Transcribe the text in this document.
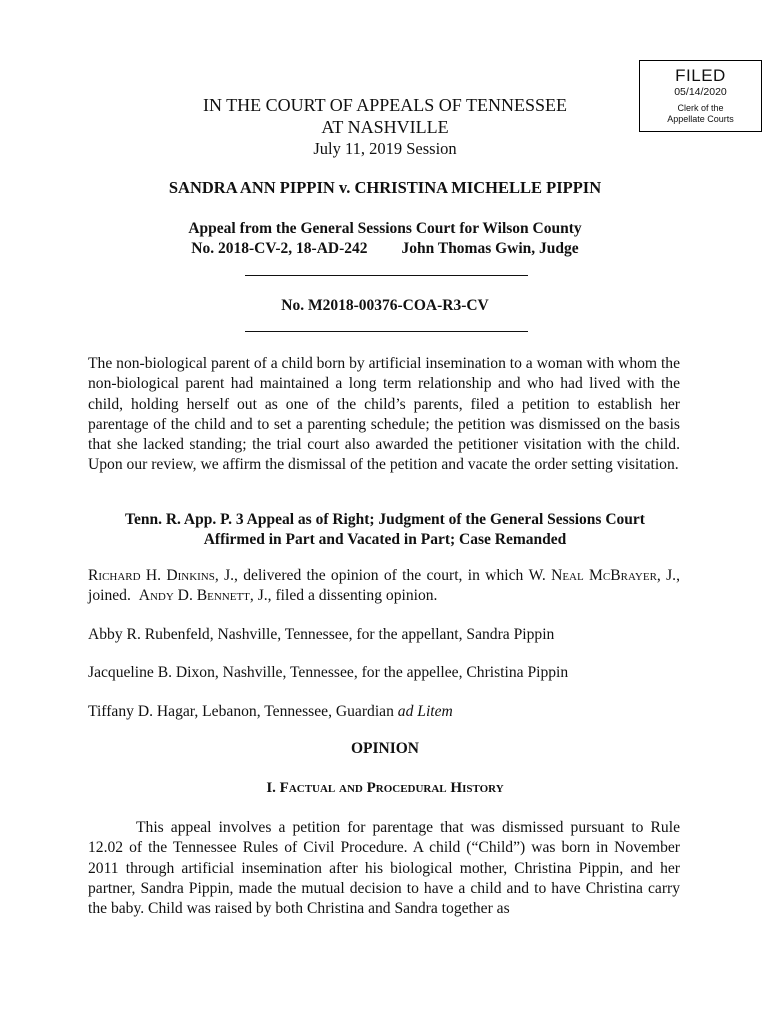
FILED
05/14/2020
Clerk of the
Appellate Courts
IN THE COURT OF APPEALS OF TENNESSEE
AT NASHVILLE
July 11, 2019 Session
SANDRA ANN PIPPIN v. CHRISTINA MICHELLE PIPPIN
Appeal from the General Sessions Court for Wilson County
No. 2018-CV-2, 18-AD-242 John Thomas Gwin, Judge
No. M2018-00376-COA-R3-CV
The non-biological parent of a child born by artificial insemination to a woman with whom the non-biological parent had maintained a long term relationship and who had lived with the child, holding herself out as one of the child’s parents, filed a petition to establish her parentage of the child and to set a parenting schedule; the petition was dismissed on the basis that she lacked standing; the trial court also awarded the petitioner visitation with the child. Upon our review, we affirm the dismissal of the petition and vacate the order setting visitation.
Tenn. R. App. P. 3 Appeal as of Right; Judgment of the General Sessions Court
Affirmed in Part and Vacated in Part; Case Remanded
Richard H. Dinkins, J., delivered the opinion of the court, in which W. Neal McBrayer, J., joined.  Andy D. Bennett, J., filed a dissenting opinion.
Abby R. Rubenfeld, Nashville, Tennessee, for the appellant, Sandra Pippin
Jacqueline B. Dixon, Nashville, Tennessee, for the appellee, Christina Pippin
Tiffany D. Hagar, Lebanon, Tennessee, Guardian ad Litem
OPINION
I. Factual and Procedural History
This appeal involves a petition for parentage that was dismissed pursuant to Rule 12.02 of the Tennessee Rules of Civil Procedure. A child (“Child”) was born in November 2011 through artificial insemination after his biological mother, Christina Pippin, and her partner, Sandra Pippin, made the mutual decision to have a child and to have Christina carry the baby. Child was raised by both Christina and Sandra together as
